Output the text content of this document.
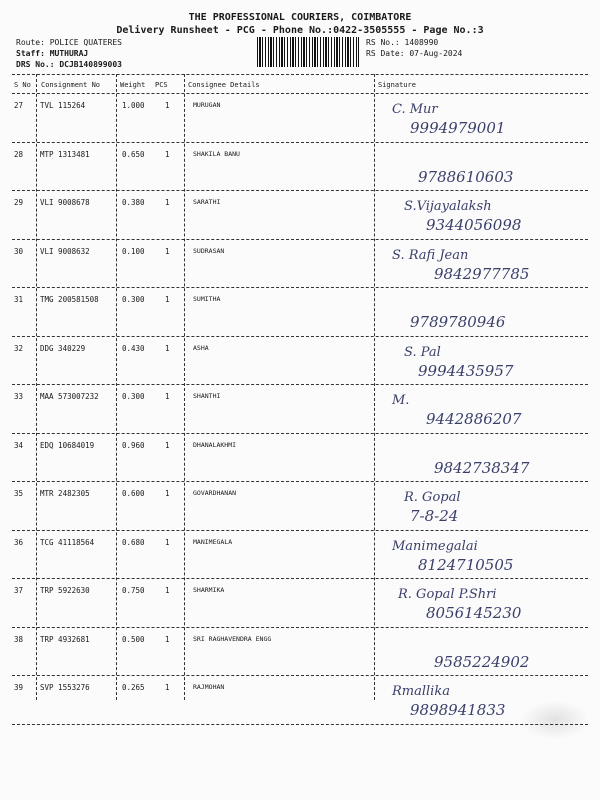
THE PROFESSIONAL COURIERS, COIMBATORE
Delivery Runsheet - PCG - Phone No.:0422-3505555 - Page No.:3
Route: POLICE QUATERES
Staff: MUTHURAJ
DRS No.: DCJB140899003
RS No.: 1408990
RS Date: 07-Aug-2024
S No Consignment No	Weight PCS	Consignee Details	Signature
27 TVL 115264	1.000	1	MURUGAN	C. Mur
9994979001
28 MTP 1313481	0.650	1	SHAKILA BANU
9788610603
29 VLI 9008678	0.380	1	SARATHI	S.Vijayalaksh
9344056098
30 VLI 9008632	0.100	1	SUDRASAN	S. Rafi Jean
9842977785
31 TMG 200581508	0.300	1	SUMITHA
9789780946
32 DDG 340229	0.430	1	ASHA	S. Pal
9994435957
33 MAA 573007232	0.300	1	SHANTHI	M.
9442886207
34 EDQ 10684019	0.960	1	DHANALAKHMI
9842738347
35 MTR 2482305	0.600	1	GOVARDHANAN	R. Gopal
7-8-24
36 TCG 41118564	0.680	1	MANIMEGALA	Manimegalai
8124710505
37 TRP 5922630	0.750	1	SHARMIKA	R. Gopal P.Shri
8056145230
38 TRP 4932681	0.500	1	SRI RAGHAVENDRA ENGG
9585224902
39 SVP 1553276	0.265	1	RAJMOHAN	Rmallika
9898941833
